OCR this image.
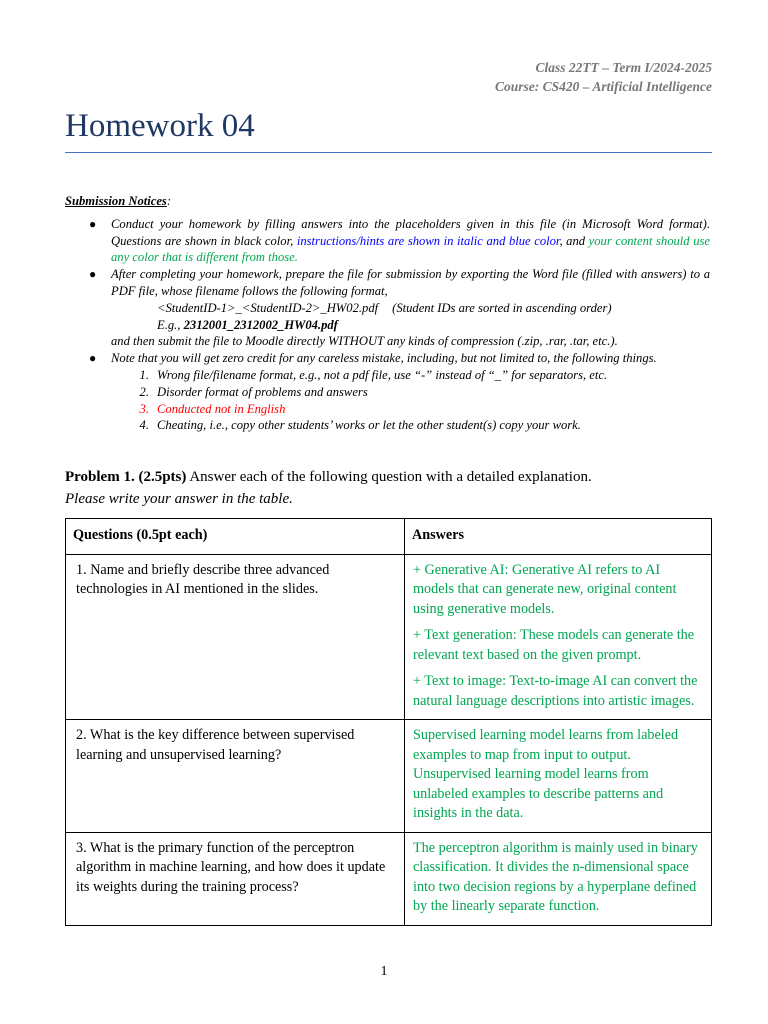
Class 22TT – Term I/2024-2025
Course: CS420 – Artificial Intelligence
Homework 04
Submission Notices:
● Conduct your homework by filling answers into the placeholders given in this file (in Microsoft Word format). Questions are shown in black color, instructions/hints are shown in italic and blue color, and your content should use any color that is different from those.
● After completing your homework, prepare the file for submission by exporting the Word file (filled with answers) to a PDF file, whose filename follows the following format,
<StudentID-1>_<StudentID-2>_HW02.pdf (Student IDs are sorted in ascending order)
E.g., 2312001_2312002_HW04.pdf
and then submit the file to Moodle directly WITHOUT any kinds of compression (.zip, .rar, .tar, etc.).
● Note that you will get zero credit for any careless mistake, including, but not limited to, the following things.
1. Wrong file/filename format, e.g., not a pdf file, use “-” instead of “_” for separators, etc.
2. Disorder format of problems and answers
3. Conducted not in English
4. Cheating, i.e., copy other students’ works or let the other student(s) copy your work.
Problem 1. (2.5pts) Answer each of the following question with a detailed explanation.
Please write your answer in the table.
Questions (0.5pt each)	Answers
1. Name and briefly describe three advanced technologies in AI mentioned in the slides.	+ Generative AI: Generative AI refers to AI models that can generate new, original content using generative models.

+ Text generation: These models can generate the relevant text based on the given prompt.

+ Text to image: Text-to-image AI can convert the natural language descriptions into artistic images.

2. What is the key difference between supervised learning and unsupervised learning?	Supervised learning model learns from labeled examples to map from input to output. Unsupervised learning model learns from unlabeled examples to describe patterns and insights in the data.

3. What is the primary function of the perceptron algorithm in machine learning, and how does it update its weights during the training process?	The perceptron algorithm is mainly used in binary classification. It divides the n-dimensional space into two decision regions by a hyperplane defined by the linearly separate function.

1
